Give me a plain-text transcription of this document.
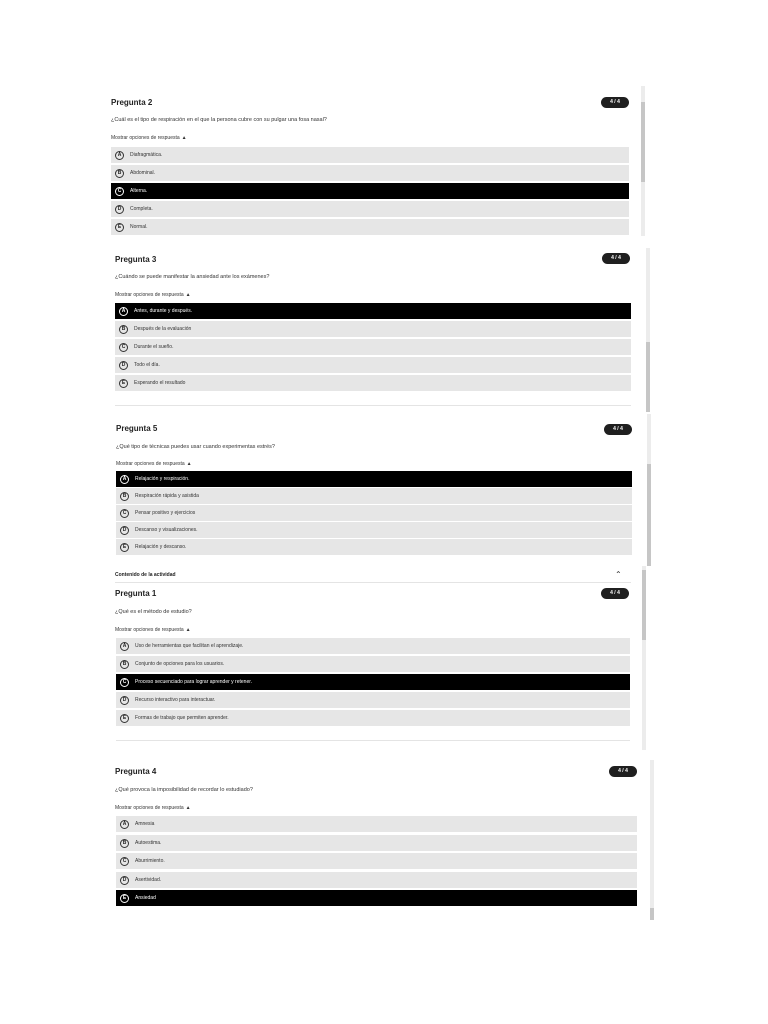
Pregunta 2	4 / 4
¿Cuál es el tipo de respiración en el que la persona cubre con su pulgar una fosa nasal?
Mostrar opciones de respuesta ▲
A	Diafragmática.
B	Abdominal.
C	Alterna.
D	Completa.
E	Normal.
Pregunta 3	4 / 4
¿Cuándo se puede manifestar la ansiedad ante los exámenes?
Mostrar opciones de respuesta ▲
A	Antes, durante y después.
B	Después de la evaluación
C	Durante el sueño.
D	Todo el día.
E	Esperando el resultado
Pregunta 5	4 / 4
¿Qué tipo de técnicas puedes usar cuando experimentas estrés?
Mostrar opciones de respuesta ▲
A	Relajación y respiración.
B	Respiración rápida y asistida
C	Pensar positivo y ejercicios
D	Descanso y visualizaciones.
E	Relajación y descanso.
Contenido de la actividad	⌃
Pregunta 1	4 / 4
¿Qué es el método de estudio?
Mostrar opciones de respuesta ▲
A	Uso de herramientas que facilitan el aprendizaje.
B	Conjunto de opciones para los usuarios.
C	Proceso secuenciado para lograr aprender y retener.
D	Recurso interactivo para interactuar.
E	Formas de trabajo que permiten aprender.
Pregunta 4	4 / 4
¿Qué provoca la imposibilidad de recordar lo estudiado?
Mostrar opciones de respuesta ▲
A	Amnesia
B	Autoestima.
C	Aburrimiento.
D	Asertividad.
E	Ansiedad
